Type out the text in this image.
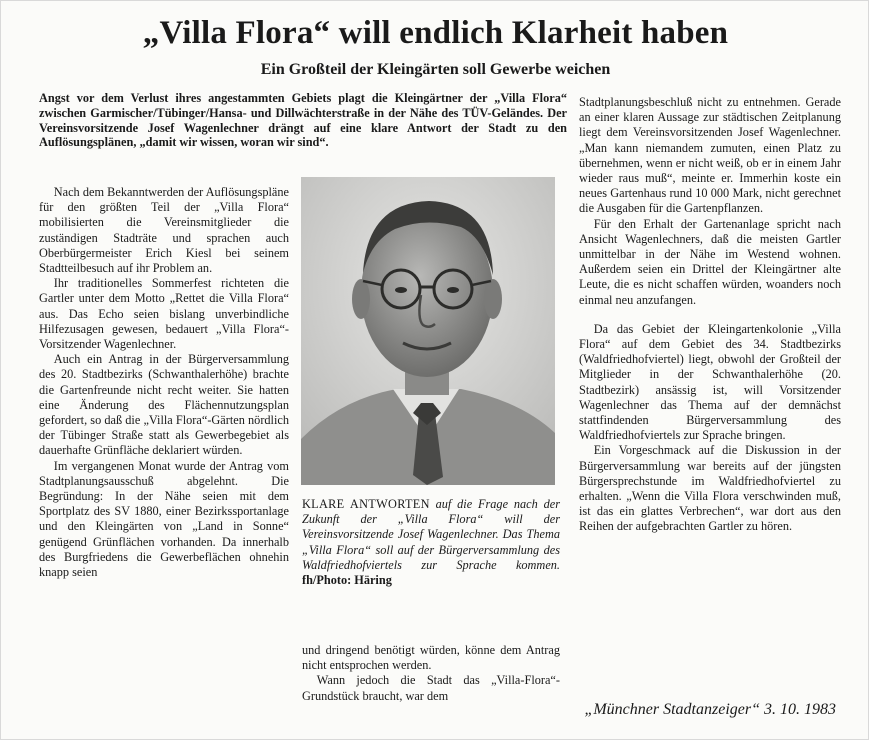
„Villa Flora“ will endlich Klarheit haben
Ein Großteil der Kleingärten soll Gewerbe weichen

Angst vor dem Verlust ihres angestammten Gebiets plagt die Kleingärtner der „Villa Flora“ zwischen Garmischer/Tübinger/Hansa- und Dillwächterstraße in der Nähe des TÜV-Geländes. Der Vereinsvorsitzende Josef Wagenlechner drängt auf eine klare Antwort der Stadt zu den Auflösungsplänen, „damit wir wissen, woran wir sind“.

Nach dem Bekanntwerden der Auflösungspläne für den größten Teil der „Villa Flora“ mobilisierten die Vereinsmitglieder die zuständigen Stadträte und sprachen auch Oberbürgermeister Erich Kiesl bei seinem Stadtteilbesuch auf ihr Problem an.

Ihr traditionelles Sommerfest richteten die Gartler unter dem Motto „Rettet die Villa Flora“ aus. Das Echo seien bislang unverbindliche Hilfezusagen gewesen, bedauert „Villa Flora“-Vorsitzender Wagenlechner.

Auch ein Antrag in der Bürgerversammlung des 20. Stadtbezirks (Schwanthalerhöhe) brachte die Gartenfreunde nicht recht weiter. Sie hatten eine Änderung des Flächennutzungsplan gefordert, so daß die „Villa Flora“-Gärten nördlich der Tübinger Straße statt als Gewerbegebiet als dauerhafte Grünfläche deklariert würden.

Im vergangenen Monat wurde der Antrag vom Stadtplanungsausschuß abgelehnt. Die Begründung: In der Nähe seien mit dem Sportplatz des SV 1880, einer Bezirkssportanlage und den Kleingärten von „Land in Sonne“ genügend Grünflächen vorhanden. Da innerhalb des Burgfriedens die Gewerbeflächen ohnehin knapp seien

KLARE ANTWORTEN auf die Frage nach der Zukunft der „Villa Flora“ will der Vereinsvorsitzende Josef Wagenlechner. Das Thema „Villa Flora“ soll auf der Bürgerversammlung des Waldfriedhofviertels zur Sprache kommen. fh/Photo: Häring

und dringend benötigt würden, könne dem Antrag nicht entsprochen werden.

Wann jedoch die Stadt das „Villa-Flora“-Grundstück braucht, war dem

Stadtplanungsbeschluß nicht zu entnehmen. Gerade an einer klaren Aussage zur städtischen Zeitplanung liegt dem Vereinsvorsitzenden Josef Wagenlechner. „Man kann niemandem zumuten, einen Platz zu übernehmen, wenn er nicht weiß, ob er in einem Jahr wieder raus muß“, meinte er. Immerhin koste ein neues Gartenhaus rund 10 000 Mark, nicht gerechnet die Ausgaben für die Gartenpflanzen.

Für den Erhalt der Gartenanlage spricht nach Ansicht Wagenlechners, daß die meisten Gartler unmittelbar in der Nähe im Westend wohnen. Außerdem seien ein Drittel der Kleingärtner alte Leute, die es nicht schaffen würden, woanders noch einmal neu anzufangen.

Da das Gebiet der Kleingartenkolonie „Villa Flora“ auf dem Gebiet des 34. Stadtbezirks (Waldfriedhofviertel) liegt, obwohl der Großteil der Mitglieder in der Schwanthalerhöhe (20. Stadtbezirk) ansässig ist, will Vorsitzender Wagenlechner das Thema auf der demnächst stattfindenden Bürgerversammlung des Waldfriedhofviertels zur Sprache bringen.

Ein Vorgeschmack auf die Diskussion in der Bürgerversammlung war bereits auf der jüngsten Bürgersprechstunde im Waldfriedhofviertel zu erhalten. „Wenn die Villa Flora verschwinden muß, ist das ein glattes Verbrechen“, war dort aus den Reihen der aufgebrachten Gartler zu hören.

„Münchner Stadtanzeiger“ 3. 10. 1983
